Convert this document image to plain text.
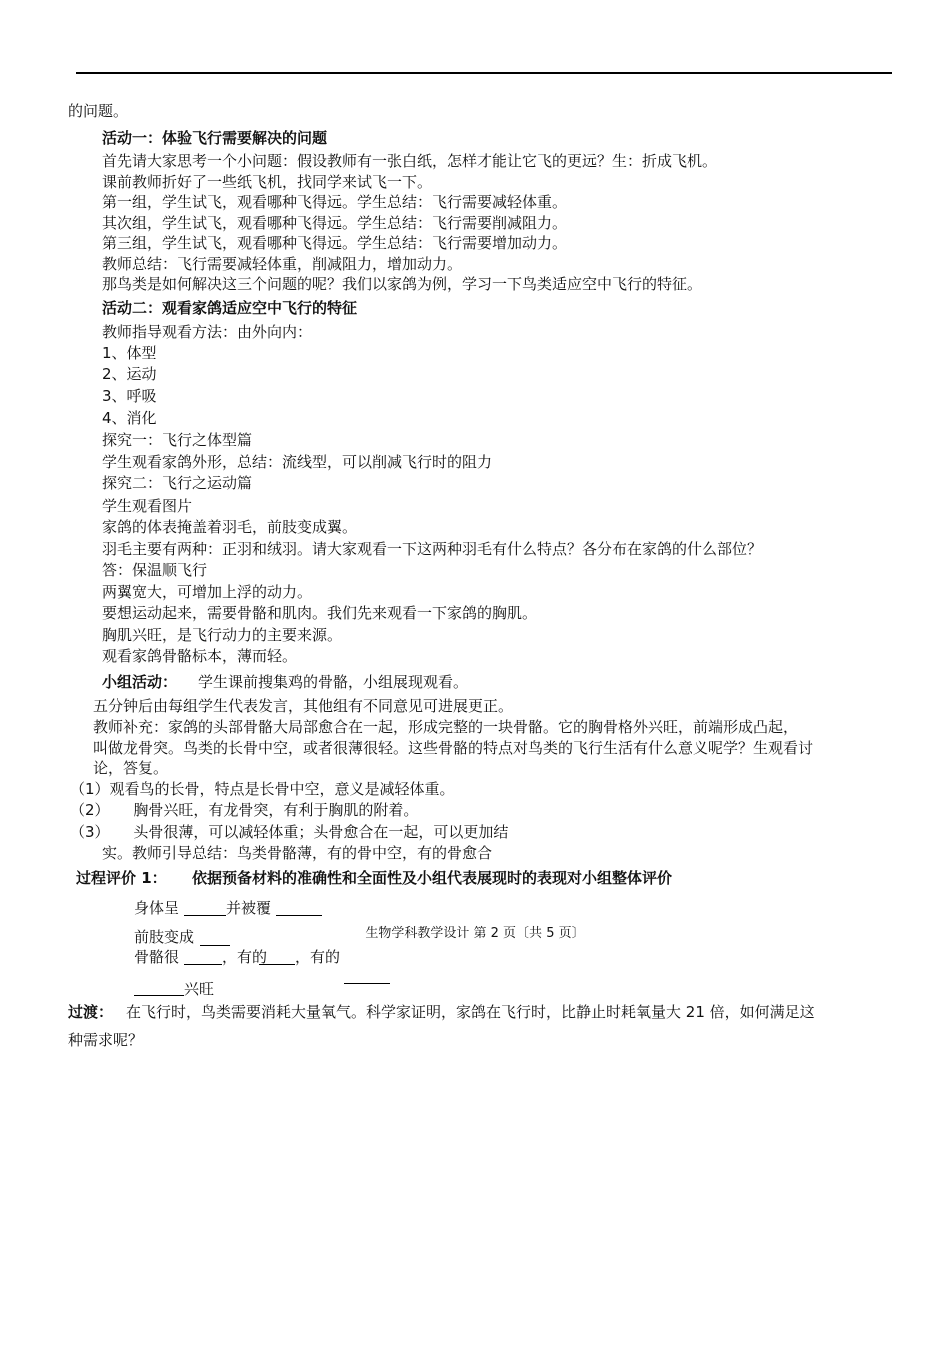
的问题。
活动一：体验飞行需要解决的问题
首先请大家思考一个小问题：假设教师有一张白纸，怎样才能让它飞的更远？生：折成飞机。
课前教师折好了一些纸飞机，找同学来试飞一下。
第一组，学生试飞，观看哪种飞得远。学生总结：飞行需要减轻体重。
其次组，学生试飞，观看哪种飞得远。学生总结：飞行需要削减阻力。
第三组，学生试飞，观看哪种飞得远。学生总结：飞行需要增加动力。
教师总结：飞行需要减轻体重，削减阻力，增加动力。
那鸟类是如何解决这三个问题的呢？我们以家鸽为例，学习一下鸟类适应空中飞行的特征。
活动二：观看家鸽适应空中飞行的特征
教师指导观看方法：由外向内：
1、体型
2、运动
3、呼吸
4、消化
探究一：飞行之体型篇
学生观看家鸽外形，总结：流线型，可以削减飞行时的阻力
探究二：飞行之运动篇
学生观看图片
家鸽的体表掩盖着羽毛，前肢变成翼。
羽毛主要有两种：正羽和绒羽。请大家观看一下这两种羽毛有什么特点？各分布在家鸽的什么部位？
答：保温顺飞行
两翼宽大，可增加上浮的动力。
要想运动起来，需要骨骼和肌肉。我们先来观看一下家鸽的胸肌。
胸肌兴旺，是飞行动力的主要来源。
观看家鸽骨骼标本，薄而轻。
小组活动： 学生课前搜集鸡的骨骼，小组展现观看。
五分钟后由每组学生代表发言，其他组有不同意见可进展更正。
教师补充：家鸽的头部骨骼大局部愈合在一起，形成完整的一块骨骼。它的胸骨格外兴旺，前端形成凸起，
叫做龙骨突。鸟类的长骨中空，或者很薄很轻。这些骨骼的特点对鸟类的飞行生活有什么意义呢学？生观看讨
论，答复。
（1）观看鸟的长骨，特点是长骨中空，意义是减轻体重。
（2）     胸骨兴旺，有龙骨突，有利于胸肌的附着。
（3）     头骨很薄，可以减轻体重；头骨愈合在一起，可以更加结
实。教师引导总结：鸟类骨骼薄，有的骨中空，有的骨愈合
过程评价 1： 依据预备材料的准确性和全面性及小组代表展现时的表现对小组整体评价
身体呈	并被覆
前肢变成
骨骼很	，有的 ，有的
兴旺
过渡： 在飞行时，鸟类需要消耗大量氧气。科学家证明，家鸽在飞行时，比静止时耗氧量大 21 倍，如何满足这
种需求呢？
生物学科教学设计 第 2 页〔共 5 页〕
